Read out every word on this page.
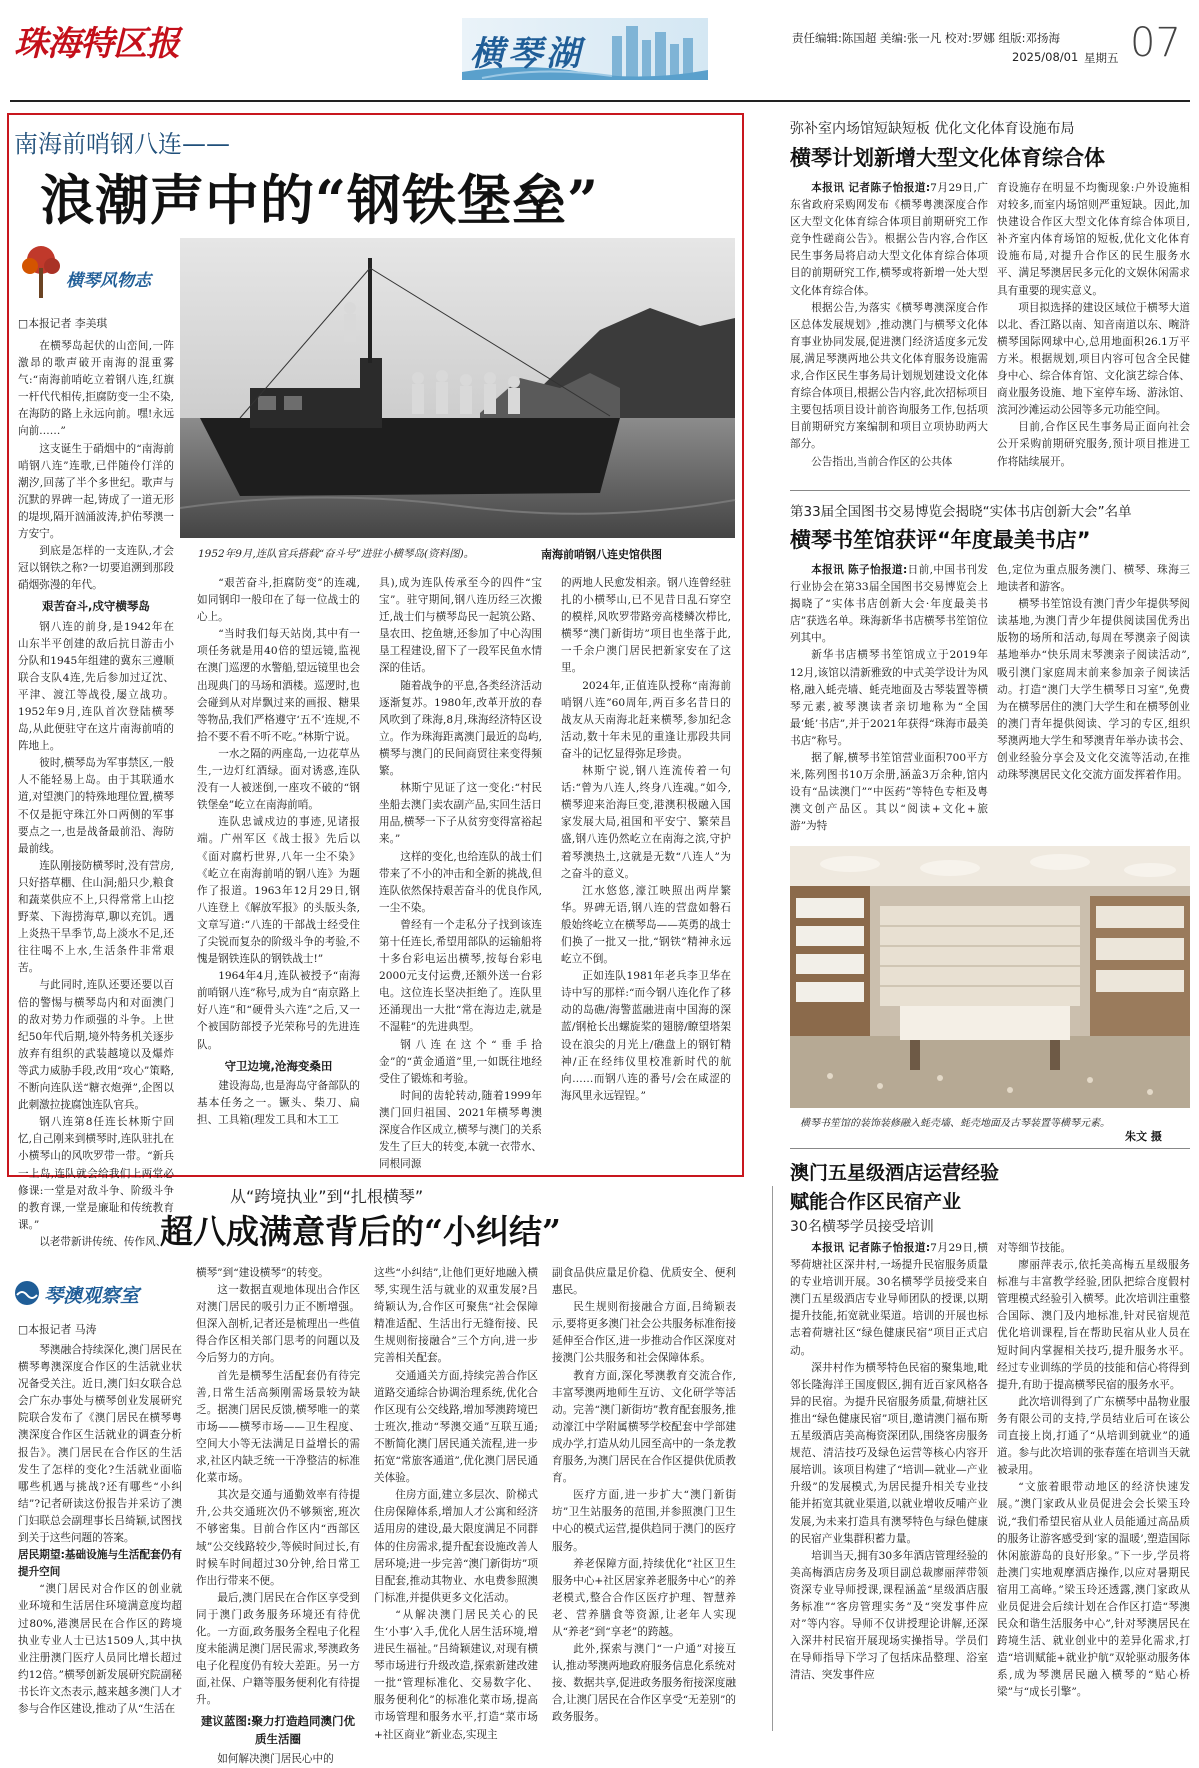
珠海特区报	横琴湖	责任编辑:陈国超 美编:张一凡 校对:罗娜 组版:邓扬海
2025/08/01 星期五 07
南海前哨钢八连——
浪潮声中的“钢铁堡垒”
横琴风物志
□本报记者 李美琪
1952年9月,连队官兵搭载“奋斗号”进驻小横琴岛(资料图)。	南海前哨钢八连史馆供图

在横琴岛起伏的山峦间,一阵激昂的歌声破开南海的混重雾气:“南海前哨屹立着钢八连,红旗一杆代代相传,拒腐防变一尘不染,在海防的路上永远向前。嘿!永远向前……”

这支诞生于硝烟中的“南海前哨钢八连”连歌,已伴随伶仃洋的潮汐,回荡了半个多世纪。歌声与沉默的界碑一起,铸成了一道无形的堤坝,隔开汹涌波涛,护佑琴澳一方安宁。

到底是怎样的一支连队,才会冠以钢铁之称?一切要追溯到那段硝烟弥漫的年代。

艰苦奋斗,戍守横琴岛

钢八连的前身,是1942年在山东半平创建的敌后抗日游击小分队和1945年组建的冀东三遵顺联合支队4连,先后参加过辽沈、平津、渡江等战役,屡立战功。1952年9月,连队首次登陆横琴岛,从此便驻守在这片南海前哨的阵地上。

彼时,横琴岛为军事禁区,一般人不能轻易上岛。由于其联通水道,对望澳门的特殊地理位置,横琴不仅是扼守珠江外口两侧的军事要点之一,也是战备最前沿、海防最前线。

连队刚接防横琴时,没有营房,只好搭草棚、住山洞;船只少,粮食和蔬菜供应不上,只得常常上山挖野菜、下海捞海草,聊以充饥。遇上炎热干旱季节,岛上淡水不足,还往往喝不上水,生活条件非常艰苦。

与此同时,连队还要还要以百倍的警惕与横琴岛内和对面澳门的敌对势力作顽强的斗争。上世纪50年代后期,境外特务机关逐步放弃有组织的武装越境以及爆炸等武力威胁手段,改用“攻心”策略,不断向连队送“糖衣炮弹”,企图以此刺激拉拢腐蚀连队官兵。

钢八连第8任连长林斯宁回忆,自己刚来到横琴时,连队驻扎在小横琴山的风吹罗带一带。“新兵一上岛,连队就会给我们上两堂必修课:一堂是对敌斗争、阶级斗争的教育课,一堂是廉耻和传统教育课。”

以老带新讲传统、传作风、

“艰苦奋斗,拒腐防变”的连魂,如同钢印一般印在了每一位战士的心上。

“当时我们每天站岗,其中有一项任务就是用40倍的望远镜,监视在澳门巡逻的水警船,望远镜里也会出现典门的马场和酒楼。巡逻时,也会碰到从对岸飘过来的画报、糖果等物品,我们严格遵守‘五不’连规,不拾不要不看不听不吃。”林斯宁说。

一水之隔的两座岛,一边花草丛生,一边灯红酒绿。面对诱惑,连队没有一人被迷倒,一座攻不破的“钢铁堡垒”屹立在南海前哨。

连队忠诚戍边的事迹,见诸报端。广州军区《战士报》先后以《面对腐朽世界,八年一尘不染》《屹立在南海前哨的钢八连》为题作了报道。1963年12月29日,钢八连登上《解放军报》的头版头条,文章写道:“八连的干部战士经受住了尖锐而复杂的阶级斗争的考验,不愧是钢铁连队的钢铁战士!”

1964年4月,连队被授予“南海前哨钢八连”称号,成为自“南京路上好八连”和“硬骨头六连”之后,又一个被国防部授予光荣称号的先进连队。

守卫边境,沧海变桑田

建设海岛,也是海岛守备部队的基本任务之一。镢头、柴刀、扁担、工具箱(理发工具和木工工

具),成为连队传承至今的四件“宝宝”。驻守期间,钢八连历经三次搬迁,战士们与横琴岛民一起筑公路、垦农田、挖鱼塘,还参加了中心沟围垦工程建设,留下了一段军民鱼水情深的佳话。

随着战争的平息,各类经济活动逐渐复苏。1980年,改革开放的春风吹到了珠海,8月,珠海经济特区设立。作为珠海距离澳门最近的岛屿,横琴与澳门的民间商贸往来变得频繁。

林斯宁见证了这一变化:“村民坐船去澳门卖农副产品,实回生活日用品,横琴一下子从贫穷变得富裕起来。”

这样的变化,也给连队的战士们带来了不小的冲击和全新的挑战,但连队依然保持艰苦奋斗的优良作风,一尘不染。

曾经有一个走私分子找到该连第十任连长,希望用部队的运输船将十多台彩电运出横琴,按每台彩电2000元支付运费,还额外送一台彩电。这位连长坚决拒绝了。连队里还涌现出一大批“常在海边走,就是不湿鞋”的先进典型。

钢八连在这个“垂手拾金”的“黄金通道”里,一如既往地经受住了锻炼和考验。

时间的齿轮转动,随着1999年澳门回归祖国、2021年横琴粤澳深度合作区成立,横琴与澳门的关系发生了巨大的转变,本就一衣带水、同根同源

的两地人民愈发相亲。钢八连曾经驻扎的小横琴山,已不见昔日乱石穿空的模样,风吹罗带路旁高楼鳞次栉比,横琴“澳门新街坊”项目也坐落于此,一千余户澳门居民把新家安在了这里。

2024年,正值连队授称“南海前哨钢八连”60周年,两百多名昔日的战友从天南海北赶来横琴,参加纪念活动,数十年未见的重逢让那段共同奋斗的记忆显得弥足珍贵。

林斯宁说,钢八连流传着一句话:“曾为八连人,终身八连魂。”如今,横琴迎来治海巨变,港澳积极融入国家发展大局,祖国和平安宁、繁荣昌盛,钢八连仍然屹立在南海之滨,守护着琴澳热土,这就是无数“八连人”为之奋斗的意义。

江水悠悠,濠江映照出两岸繁华。界碑无语,钢八连的营盘如磐石般始终屹立在横琴岛——英勇的战士们换了一批又一批,“钢铁”精神永远屹立不倒。

正如连队1981年老兵李卫华在诗中写的那样:“而今钢八连化作了移动的岛礁/海警蓝融进南中国海的深蓝/钢枪长出螺旋桨的翅膀/瞭望塔架设在浪尖的月光上/礁盘上的钢钉精神/正在经纬仪里校准新时代的航向……而钢八连的番号/会在咸涩的海风里永远锃锃。”

弥补室内场馆短缺短板 优化文化体育设施布局
横琴计划新增大型文化体育综合体

本报讯 记者陈子怡报道:7月29日,广东省政府采购网发布《横琴粤澳深度合作区大型文化体育综合体项目前期研究工作竞争性磋商公告》。根据公告内容,合作区民生事务局将启动大型文化体育综合体项目的前期研究工作,横琴或将新增一处大型文化体育综合体。

根据公告,为落实《横琴粤澳深度合作区总体发展规划》,推动澳门与横琴文化体育事业协同发展,促进澳门经济适度多元发展,满足琴澳两地公共文化体育服务设施需求,合作区民生事务局计划规划建设文化体育综合体项目,根据公告内容,此次招标项目主要包括项目设计前咨询服务工作,包括项目前期研究方案编制和项目立项协助两大部分。

公告指出,当前合作区的公共体

育设施存在明显不均衡现象:户外设施相对较多,而室内场馆则严重短缺。因此,加快建设合作区大型文化体育综合体项目,补齐室内体育场馆的短板,优化文化体育设施布局,对提升合作区的民生服务水平、满足琴澳居民多元化的文娱休闲需求具有重要的现实意义。

项目拟选择的建设区域位于横琴大道以北、香江路以南、知音南道以东、畹浒横琴国际网球中心,总用地面积26.1万平方米。根据规划,项目内容可包含全民健身中心、综合体育馆、文化演艺综合体、商业服务设施、地下室停车场、游泳馆、滨河沙滩运动公园等多元功能空间。

目前,合作区民生事务局正面向社会公开采购前期研究服务,预计项目推进工作将陆续展开。

第33届全国图书交易博览会揭晓“实体书店创新大会”名单
横琴书笙馆获评“年度最美书店”

本报讯 陈子怡报道:日前,中国书刊发行业协会在第33届全国图书交易博览会上揭晓了“实体书店创新大会·年度最美书店”获选名单。珠海新华书店横琴书笙馆位列其中。

新华书店横琴书笙馆成立于2019年12月,该馆以清新雅致的中式美学设计为风格,融入蚝壳墙、蚝壳地面及古琴装置等横琴元素,被琴澳读者亲切地称为“全国最‘蚝’书店”,并于2021年获得“珠海市最美书店”称号。

据了解,横琴书笙馆营业面积700平方米,陈列图书10万余册,涵盖3万余种,馆内设有“品读澳门”“中医药”等特色专柜及粤澳文创产品区。其以“阅读+文化+旅游”为特

色,定位为重点服务澳门、横琴、珠海三地读者和游客。

横琴书笙馆设有澳门青少年提供琴阅读基地,为澳门青少年提供阅读国优秀出版物的场所和活动,每周在琴澳亲子阅读基地举办“快乐周末琴澳亲子阅读活动”,吸引澳门家庭周末前来参加亲子阅读活动。打造“澳门大学生横琴日习室”,免费为在横琴居住的澳门大学生和在横琴创业的澳门青年提供阅读、学习的专区,组织琴澳两地大学生和琴澳青年举办读书会、创业经验分享会及文化交流等活动,在推动珠琴澳居民文化交流方面发挥着作用。

横琴书笙馆的装饰装修融入蚝壳墙、蚝壳地面及古琴装置等横琴元素。
朱文 摄
澳门五星级酒店运营经验
赋能合作区民宿产业
30名横琴学员接受培训

本报讯 记者陈子怡报道:7月29日,横琴荷塘社区深井村,一场提升民宿服务质量的专业培训开展。30名横琴学员接受来自澳门五星级酒店专业导师团队的授课,以期提升技能,拓宽就业渠道。培训的开展也标志着荷塘社区“绿色健康民宿”项目正式启动。

深井村作为横琴特色民宿的聚集地,毗邻长隆海洋王国度假区,拥有近百家风格各异的民宿。为提升民宿服务质量,荷塘社区推出“绿色健康民宿”项目,邀请澳门福布斯五星级酒店美高梅资深团队,围绕客房服务规范、清洁技巧及绿色运营等核心内容开展培训。该项目构建了“培训—就业—产业升级”的发展模式,为居民提升相关专业技能并拓宽其就业渠道,以就业增收反哺产业发展,为未来打造具有澳琴特色与绿色健康的民宿产业集群积蓄力量。

培训当天,拥有30多年酒店管理经验的美高梅酒店房务及项目副总裁廖丽萍带领资深专业导师授课,课程涵盖“星级酒店服务标准”“客房管理实务”及“突发事件应对”等内容。导师不仅讲授理论讲解,还深入深井村民宿开展现场实操指导。学员们在导师指导下学习了包括床品整理、浴室清洁、突发事件应

对等细节技能。

廖丽萍表示,依托美高梅五星级服务标准与丰富教学经验,团队把综合度假村管理模式经验引入横琴。此次培训注重整合国际、澳门及内地标准,针对民宿规范优化培训课程,旨在帮助民宿从业人员在短时间内掌握相关技巧,提升服务水平。经过专业训练的学员的技能和信心将得到提升,有助于提高横琴民宿的服务水平。

此次培训得到了广东横琴中晶物业服务有限公司的支持,学员结业后可在该公司直接上岗,打通了“从培训到就业”的通道。参与此次培训的张春莲在培训当天就被录用。

“文旅着眼带动地区的经济快速发展。”澳门家政从业员促进会会长梁玉玲说,“我们希望民宿从业人员能通过高品质的服务让游客感受到‘家的温暖’,塑造国际休闲旅游岛的良好形象。”下一步,学员将赴澳门实地观摩酒店操作,以应对暑期民宿用工高峰。”梁玉玲还透露,澳门家政从业员促进会后续计划在合作区打造“琴澳民众和谐生活服务中心”,针对琴澳居民在跨境生活、就业创业中的差异化需求,打造“培训赋能+就业护航”双轮驱动服务体系,成为琴澳居民融入横琴的“贴心桥梁”与“成长引擎”。

从“跨境执业”到“扎根横琴”
超八成满意背后的“小纠结”
琴澳观察室
□本报记者 马涛

琴澳融合持续深化,澳门居民在横琴粤澳深度合作区的生活就业状况备受关注。近日,澳门妇女联合总会广东办事处与横琴创业发展研究院联合发布了《澳门居民在横琴粤澳深度合作区生活就业的调查分析报告》。澳门居民在合作区的生活发生了怎样的变化?生活就业面临哪些机遇与挑战?还有哪些“小纠结”?记者研读这份报告并采访了澳门妇联总会副理事长吕绮颖,试图找到关于这些问题的答案。

居民期望:基础设施与生活配套仍有提升空间

“澳门居民对合作区的创业就业环境和生活居住环境满意度均超过80%,港澳居民在合作区的跨境执业专业人士已达1509人,其中执业注册澳门医疗人员同比增长超过约12倍。”横琴创新发展研究院副秘书长许文杰表示,越来越多澳门人才参与合作区建设,推动了从“生活在

横琴”到“建设横琴”的转变。

这一数据直观地体现出合作区对澳门居民的吸引力正不断增强。但深入剖析,记者还是梳理出一些值得合作区相关部门思考的问题以及今后努力的方向。

首先是横琴生活配套仍有待完善,日常生活高频刚需场景较为缺乏。据澳门居民反馈,横琴唯一的菜市场——横琴市场——卫生程度、空间大小等无法满足日益增长的需求,社区内缺乏统一干净整洁的标准化菜市场。

其次是交通与通勤效率有待提升,公共交通班次仍不够频密,班次不够密集。目前合作区内“西部区域”公交线路较少,等候时间过长,有时候车时间超过30分钟,给日常工作出行带来不便。

最后,澳门居民在合作区享受到同于澳门政务服务环境还有待优化。一方面,政务服务全程电子化程度未能满足澳门居民需求,琴澳政务电子化程度仍有较大差距。另一方面,社保、户籍等服务便利化有待提升。

建议蓝图:聚力打造趋同澳门优质生活圈

如何解决澳门居民心中的

这些“小纠结”,让他们更好地融入横琴,实现生活与就业的双重发展?吕绮颖认为,合作区可聚焦“社会保障精准适配、生活出行无缝衔接、民生规则衔接融合”三个方向,进一步完善相关配套。

交通通关方面,持续完善合作区道路交通综合协调治理系统,优化合作区现有公交线路,增加琴澳跨境巴士班次,推动“琴澳交通”互联互通;不断简化澳门居民通关流程,进一步拓宽“常旅客通道”,优化澳门居民通关体验。

住房方面,建立多层次、阶梯式住房保障体系,增加人才公寓和经济适用房的建设,最大限度满足不同群体的住房需求,提升配套设施改善人居环境;进一步完善“澳门新街坊”项目配套,推动其物业、水电费参照澳门标准,并提供更多文化活动。

“从解决澳门居民关心的民生‘小事’入手,优化人居生活环境,增进民生福祉。”吕绮颖建议,对现有横琴市场进行升级改造,探索新建改建一批“管理标准化、交易数字化、服务便利化”的标准化菜市场,提高市场管理和服务水平,打造“菜市场+社区商业”新业态,实现主

副食品供应量足价稳、优质安全、便利惠民。

民生规则衔接融合方面,吕绮颖表示,要将更多澳门社会公共服务标准衔接延伸至合作区,进一步推动合作区深度对接澳门公共服务和社会保障体系。

教育方面,深化琴澳教育交流合作,丰富琴澳两地师生互访、文化研学等活动。完善“澳门新街坊”教育配套服务,推动濠江中学附属横琴学校配套中学部建成办学,打造从幼儿园至高中的一条龙教育服务,为澳门居民在合作区提供优质教育。

医疗方面,进一步扩大“澳门新街坊”卫生站服务的范围,并参照澳门卫生中心的模式运营,提供趋同于澳门的医疗服务。

养老保障方面,持续优化“社区卫生服务中心+社区居家养老服务中心”的养老模式,整合合作区医疗护理、智慧养老、营养膳食等资源,让老年人实现从“养老”到“享老”的跨越。

此外,探索与澳门“一户通”对接互认,推动琴澳两地政府服务信息化系统对接、数据共享,促进政务服务衔接深度融合,让澳门居民在合作区享受“无差别”的政务服务。
